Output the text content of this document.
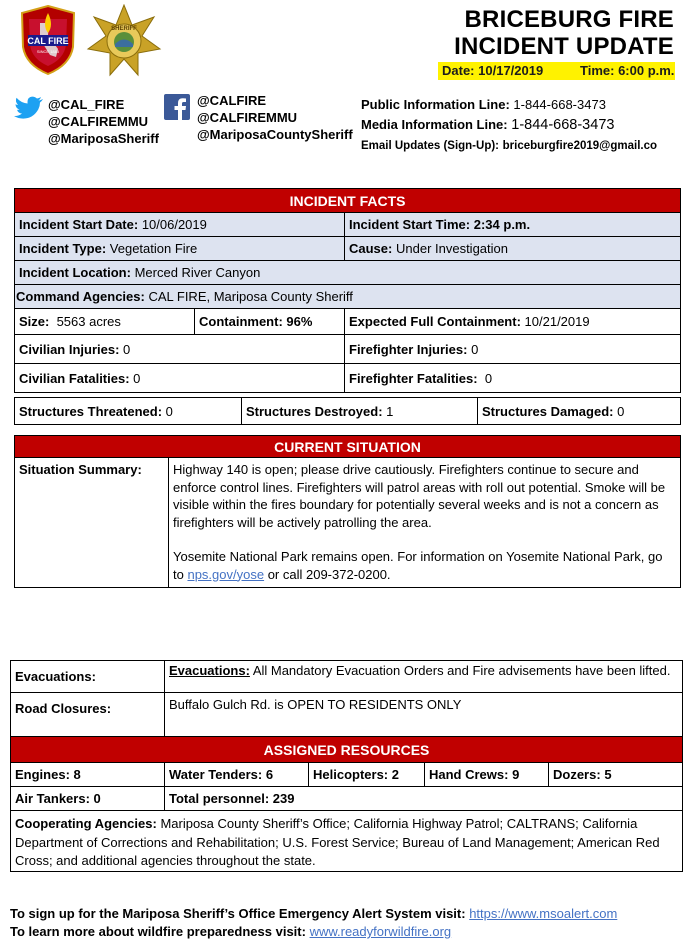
CAL FIRE
SINCE 1885
SHERIFF	BRICEBURG FIRE
INCIDENT UPDATE
Date: 10/17/2019	Time: 6:00 p.m.
@CAL_FIRE
@CALFIREMMU
@MariposaSheriff
@CALFIRE
@CALFIREMMU
@MariposaCountySheriff
Public Information Line: 1-844-668-3473
Media Information Line: 1-844-668-3473
Email Updates (Sign-Up): briceburgfire2019@gmail.co
INCIDENT FACTS		
Incident Start Date: 10/06/2019		Incident Start Time: 2:34 p.m.
Incident Type: Vegetation Fire		Cause: Under Investigation
Incident Location: Merced River Canyon		
Command Agencies: CAL FIRE, Mariposa County Sheriff		
Size: 5563 acres	Containment: 96%	Expected Full Containment: 10/21/2019
Civilian Injuries: 0		Firefighter Injuries: 0
Civilian Fatalities: 0		Firefighter Fatalities: 0
Structures Threatened: 0	Structures Destroyed: 1	Structures Damaged: 0
CURRENT SITUATION
Situation Summary:	Highway 140 is open; please drive cautiously. Firefighters continue to secure and enforce control lines. Firefighters will patrol areas with roll out potential. Smoke will be visible within the fires boundary for potentially several weeks and is not a concern as firefighters will be actively patrolling the area.
Yosemite National Park remains open. For information on Yosemite National Park, go to nps.gov/yose or call 209-372-0200.
Evacuations:	Evacuations: All Mandatory Evacuation Orders and Fire advisements have been lifted.			
Road Closures:	Buffalo Gulch Rd. is OPEN TO RESIDENTS ONLY			
ASSIGNED RESOURCES				
Engines: 8	Water Tenders: 6	Helicopters: 2	Hand Crews: 9	Dozers: 5
Air Tankers: 0	Total personnel: 239			
Cooperating Agencies: Mariposa County Sheriff’s Office; California Highway Patrol; CALTRANS; California Department of Corrections and Rehabilitation; U.S. Forest Service; Bureau of Land Management; American Red Cross; and additional agencies throughout the state.				
To sign up for the Mariposa Sheriff’s Office Emergency Alert System visit: https://www.msoalert.com
To learn more about wildfire preparedness visit: www.readyforwildfire.org
